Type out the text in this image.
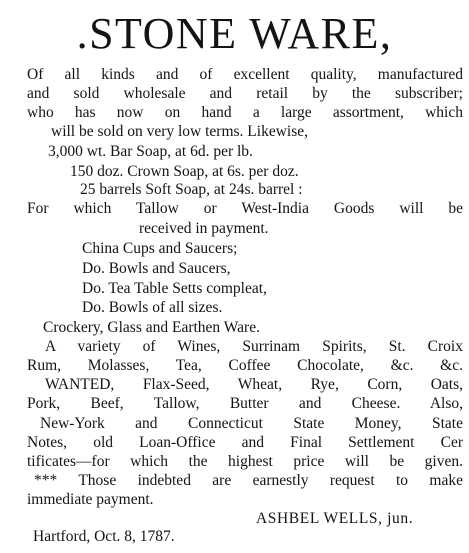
.STONE WARE,
Of all kinds and of excellent quality, manufactured
and sold wholesale and retail by the subscriber;
who has now on hand a large assortment, which
will be sold on very low terms. Likewise,
3,000 wt. Bar Soap, at 6d. per lb.
150 doz. Crown Soap, at 6s. per doz.
25 barrels Soft Soap, at 24s. barrel :
For which Tallow or West-India Goods will be
received in payment.
China Cups and Saucers;
Do. Bowls and Saucers,
Do. Tea Table Setts compleat,
Do. Bowls of all sizes.
Crockery, Glass and Earthen Ware.
A variety of Wines, Surrinam Spirits, St. Croix
Rum, Molasses, Tea, Coffee Chocolate, &c. &c.
WANTED, Flax-Seed, Wheat, Rye, Corn, Oats,
Pork, Beef, Tallow, Butter and Cheese. Also,
New-York and Connecticut State Money, State
Notes, old Loan-Office and Final Settlement Cer
tificates—for which the highest price will be given.
*** Those indebted are earnestly request to make
immediate payment.
ASHBEL WELLS, jun.
Hartford, Oct. 8, 1787.
